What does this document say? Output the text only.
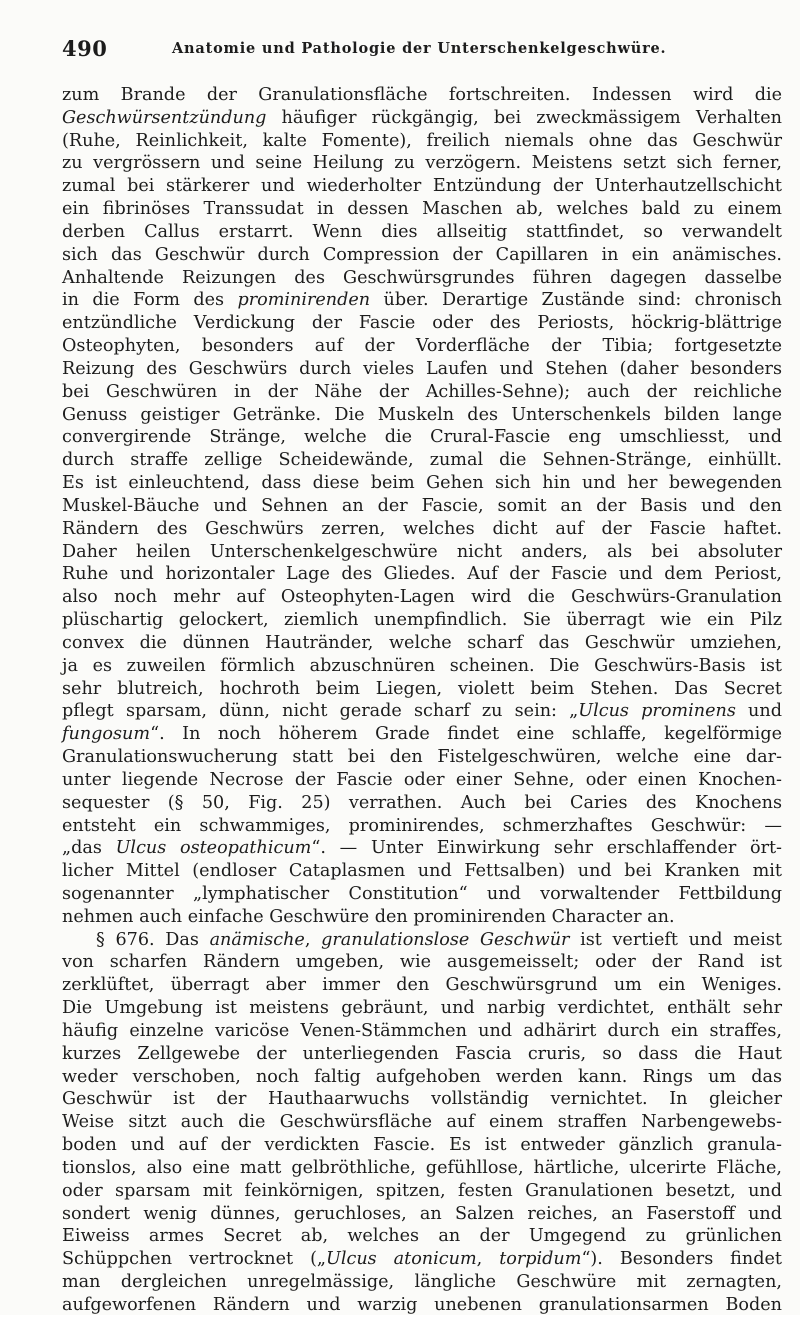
490	Anatomie und Pathologie der Unterschenkelgeschwüre.
zum Brande der Granulationsfläche fortschreiten. Indessen wird die
Geschwürsentzündung häufiger rückgängig, bei zweckmässigem Verhalten
(Ruhe, Reinlichkeit, kalte Fomente), freilich niemals ohne das Geschwür
zu vergrössern und seine Heilung zu verzögern. Meistens setzt sich ferner,
zumal bei stärkerer und wiederholter Entzündung der Unterhautzellschicht
ein fibrinöses Transsudat in dessen Maschen ab, welches bald zu einem
derben Callus erstarrt. Wenn dies allseitig stattfindet, so verwandelt
sich das Geschwür durch Compression der Capillaren in ein anämisches.
Anhaltende Reizungen des Geschwürsgrundes führen dagegen dasselbe
in die Form des prominirenden über. Derartige Zustände sind: chronisch
entzündliche Verdickung der Fascie oder des Periosts, höckrig-blättrige
Osteophyten, besonders auf der Vorderfläche der Tibia; fortgesetzte
Reizung des Geschwürs durch vieles Laufen und Stehen (daher besonders
bei Geschwüren in der Nähe der Achilles-Sehne); auch der reichliche
Genuss geistiger Getränke. Die Muskeln des Unterschenkels bilden lange
convergirende Stränge, welche die Crural-Fascie eng umschliesst, und
durch straffe zellige Scheidewände, zumal die Sehnen-Stränge, einhüllt.
Es ist einleuchtend, dass diese beim Gehen sich hin und her bewegenden
Muskel-Bäuche und Sehnen an der Fascie, somit an der Basis und den
Rändern des Geschwürs zerren, welches dicht auf der Fascie haftet.
Daher heilen Unterschenkelgeschwüre nicht anders, als bei absoluter
Ruhe und horizontaler Lage des Gliedes. Auf der Fascie und dem Periost,
also noch mehr auf Osteophyten-Lagen wird die Geschwürs-Granulation
plüschartig gelockert, ziemlich unempfindlich. Sie überragt wie ein Pilz
convex die dünnen Hautränder, welche scharf das Geschwür umziehen,
ja es zuweilen förmlich abzuschnüren scheinen. Die Geschwürs-Basis ist
sehr blutreich, hochroth beim Liegen, violett beim Stehen. Das Secret
pflegt sparsam, dünn, nicht gerade scharf zu sein: „Ulcus prominens und
fungosum“. In noch höherem Grade findet eine schlaffe, kegelförmige
Granulationswucherung statt bei den Fistelgeschwüren, welche eine dar-
unter liegende Necrose der Fascie oder einer Sehne, oder einen Knochen-
sequester (§ 50, Fig. 25) verrathen. Auch bei Caries des Knochens
entsteht ein schwammiges, prominirendes, schmerzhaftes Geschwür: —
„das Ulcus osteopathicum“. — Unter Einwirkung sehr erschlaffender ört-
licher Mittel (endloser Cataplasmen und Fettsalben) und bei Kranken mit
sogenannter „lymphatischer Constitution“ und vorwaltender Fettbildung
nehmen auch einfache Geschwüre den prominirenden Character an.
§ 676. Das anämische, granulationslose Geschwür ist vertieft und meist
von scharfen Rändern umgeben, wie ausgemeisselt; oder der Rand ist
zerklüftet, überragt aber immer den Geschwürsgrund um ein Weniges.
Die Umgebung ist meistens gebräunt, und narbig verdichtet, enthält sehr
häufig einzelne varicöse Venen-Stämmchen und adhärirt durch ein straffes,
kurzes Zellgewebe der unterliegenden Fascia cruris, so dass die Haut
weder verschoben, noch faltig aufgehoben werden kann. Rings um das
Geschwür ist der Hauthaarwuchs vollständig vernichtet. In gleicher
Weise sitzt auch die Geschwürsfläche auf einem straffen Narbengewebs-
boden und auf der verdickten Fascie. Es ist entweder gänzlich granula-
tionslos, also eine matt gelbröthliche, gefühllose, härtliche, ulcerirte Fläche,
oder sparsam mit feinkörnigen, spitzen, festen Granulationen besetzt, und
sondert wenig dünnes, geruchloses, an Salzen reiches, an Faserstoff und
Eiweiss armes Secret ab, welches an der Umgegend zu grünlichen
Schüppchen vertrocknet („Ulcus atonicum, torpidum“). Besonders findet
man dergleichen unregelmässige, längliche Geschwüre mit zernagten,
aufgeworfenen Rändern und warzig unebenen granulationsarmen Boden
